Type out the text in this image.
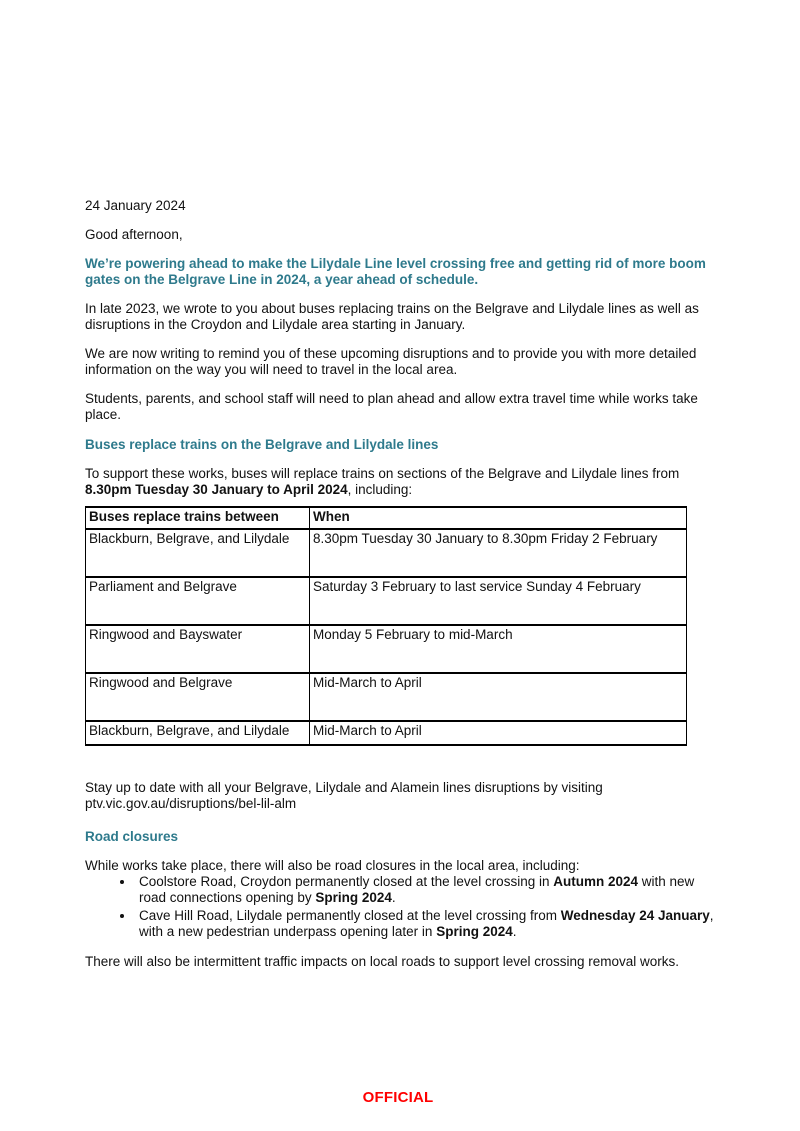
24 January 2024

Good afternoon,

We’re powering ahead to make the Lilydale Line level crossing free and getting rid of more boom gates on the Belgrave Line in 2024, a year ahead of schedule.

In late 2023, we wrote to you about buses replacing trains on the Belgrave and Lilydale lines as well as disruptions in the Croydon and Lilydale area starting in January.

We are now writing to remind you of these upcoming disruptions and to provide you with more detailed information on the way you will need to travel in the local area.

Students, parents, and school staff will need to plan ahead and allow extra travel time while works take place.

Buses replace trains on the Belgrave and Lilydale lines

To support these works, buses will replace trains on sections of the Belgrave and Lilydale lines from 8.30pm Tuesday 30 January to April 2024, including:

Buses replace trains between	When
Blackburn, Belgrave, and Lilydale	8.30pm Tuesday 30 January to 8.30pm Friday 2 February
Parliament and Belgrave	Saturday 3 February to last service Sunday 4 February
Ringwood and Bayswater	Monday 5 February to mid-March
Ringwood and Belgrave	Mid-March to April
Blackburn, Belgrave, and Lilydale	Mid-March to April

Stay up to date with all your Belgrave, Lilydale and Alamein lines disruptions by visiting ptv.vic.gov.au/disruptions/bel-lil-alm

Road closures

While works take place, there will also be road closures in the local area, including:

• Coolstore Road, Croydon permanently closed at the level crossing in Autumn 2024 with new road connections opening by Spring 2024.
• Cave Hill Road, Lilydale permanently closed at the level crossing from Wednesday 24 January, with a new pedestrian underpass opening later in Spring 2024.

There will also be intermittent traffic impacts on local roads to support level crossing removal works.

OFFICIAL
